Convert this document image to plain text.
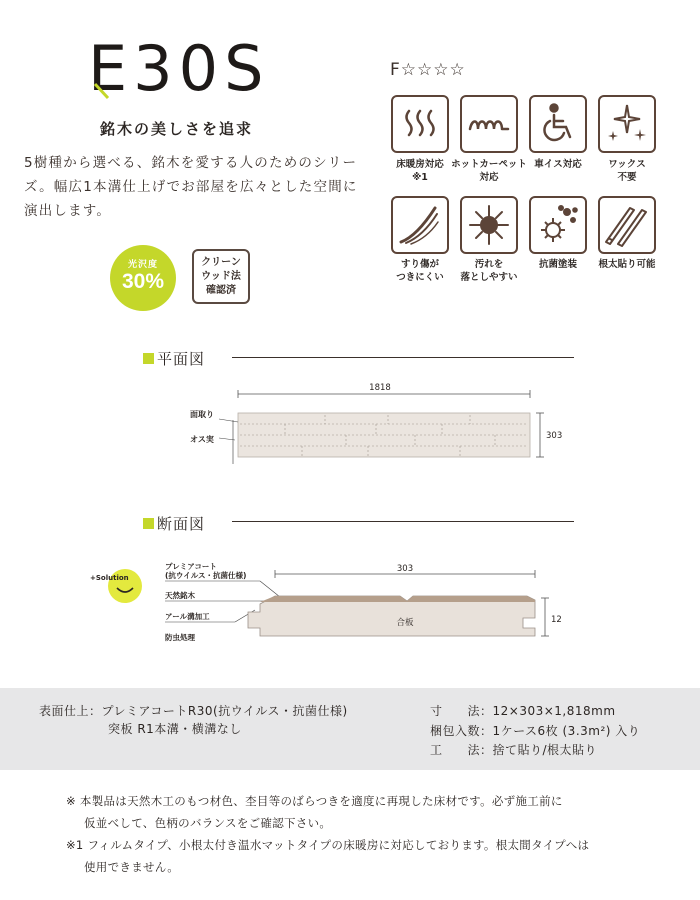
E30S
銘木の美しさを追求
5樹種から選べる、銘木を愛する人のためのシリーズ。幅広1本溝仕上げでお部屋を広々とした空間に演出します。
光沢度
30%
クリーン
ウッド法
確認済
F☆☆☆☆
床暖房対応
※1
ホットカーペット
対応
車イス対応	ワックス
不要
すり傷が
つきにくい
汚れを
落としやすい
抗菌塗装	根太貼り可能
平面図
1818
303
面取り
オス実
断面図
+Solution
プレミアコート
(抗ウイルス・抗菌仕様)
天然銘木
アール溝加工
防虫処理
303
合板	12
表面仕上：プレミアコートR30(抗ウイルス・抗菌仕様)
突板 R1本溝・横溝なし
寸　　法：12×303×1,818mm
梱包入数：1ケース6枚 (3.3m²) 入り
工　　法：捨て貼り/根太貼り
※ 本製品は天然木工のもつ材色、杢目等のばらつきを適度に再現した床材です。必ず施工前に
仮並べして、色柄のバランスをご確認下さい。
※1 フィルムタイプ、小根太付き温水マットタイプの床暖房に対応しております。根太間タイプへは
使用できません。
